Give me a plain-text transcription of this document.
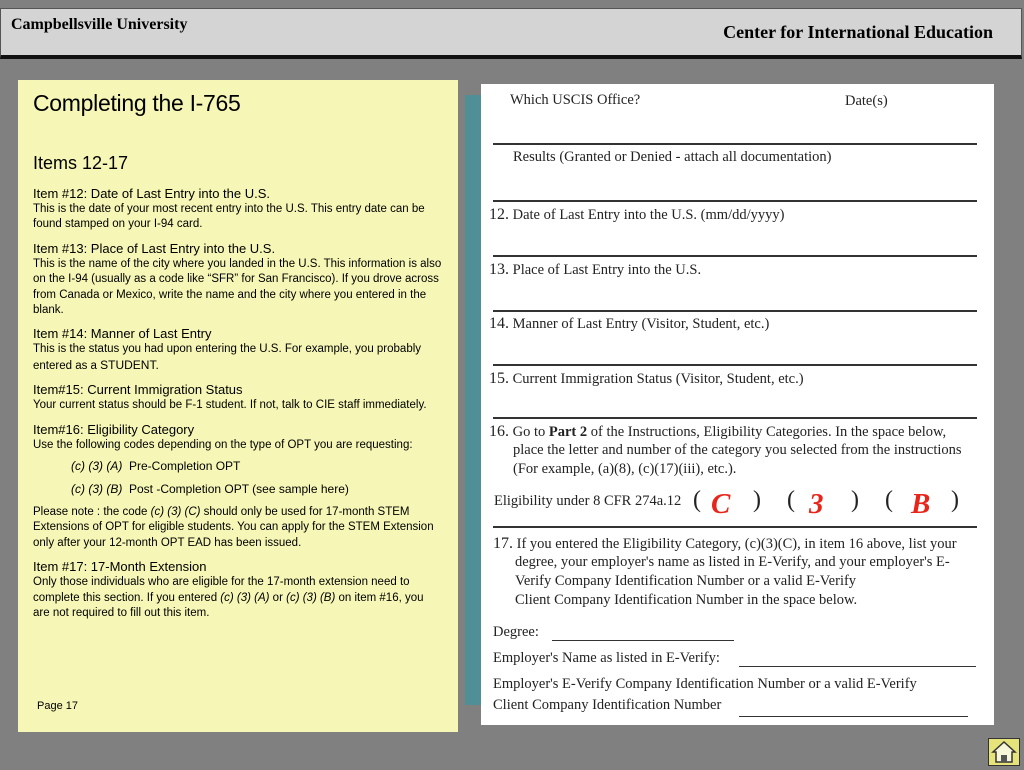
Campbellsville University	Center for International Education
Completing the I-765
Items 12-17
Item #12: Date of Last Entry into the U.S.
This is the date of your most recent entry into the U.S. This entry date can be found stamped on your I-94 card.
Item #13: Place of Last Entry into the U.S.
This is the name of the city where you landed in the U.S. This information is also on the I-94 (usually as a code like “SFR” for San Francisco). If you drove across from Canada or Mexico, write the name and the city where you entered in the blank.
Item #14: Manner of Last Entry
This is the status you had upon entering the U.S. For example, you probably entered as a STUDENT.
Item#15: Current Immigration Status
Your current status should be F-1 student. If not, talk to CIE staff immediately.
Item#16: Eligibility Category
Use the following codes depending on the type of OPT you are requesting:
(c) (3) (A) Pre-Completion OPT
(c) (3) (B) Post -Completion OPT (see sample here)
Please note : the code (c) (3) (C) should only be used for 17-month STEM Extensions of OPT for eligible students. You can apply for the STEM Extension only after your 12-month OPT EAD has been issued.
Item #17: 17-Month Extension
Only those individuals who are eligible for the 17-month extension need to complete this section. If you entered (c) (3) (A) or (c) (3) (B) on item #16, you are not required to fill out this item.
Page 17
Which USCIS Office?	Date(s)
Results (Granted or Denied - attach all documentation)
12. Date of Last Entry into the U.S. (mm/dd/yyyy)
13. Place of Last Entry into the U.S.
14. Manner of Last Entry (Visitor, Student, etc.)
15. Current Immigration Status (Visitor, Student, etc.)
16. Go to Part 2 of the Instructions, Eligibility Categories. In the space below,
place the letter and number of the category you selected from the instructions
(For example, (a)(8), (c)(17)(iii), etc.).
Eligibility under 8 CFR 274a.12 ( C ) ( 3 ) ( B )
17. If you entered the Eligibility Category, (c)(3)(C), in item 16 above, list your
degree, your employer's name as listed in E-Verify, and your employer's E-
Verify Company Identification Number or a valid E-Verify
Client Company Identification Number in the space below.
Degree:
Employer's Name as listed in E-Verify:
Employer's E-Verify Company Identification Number or a valid E-Verify
Client Company Identification Number
